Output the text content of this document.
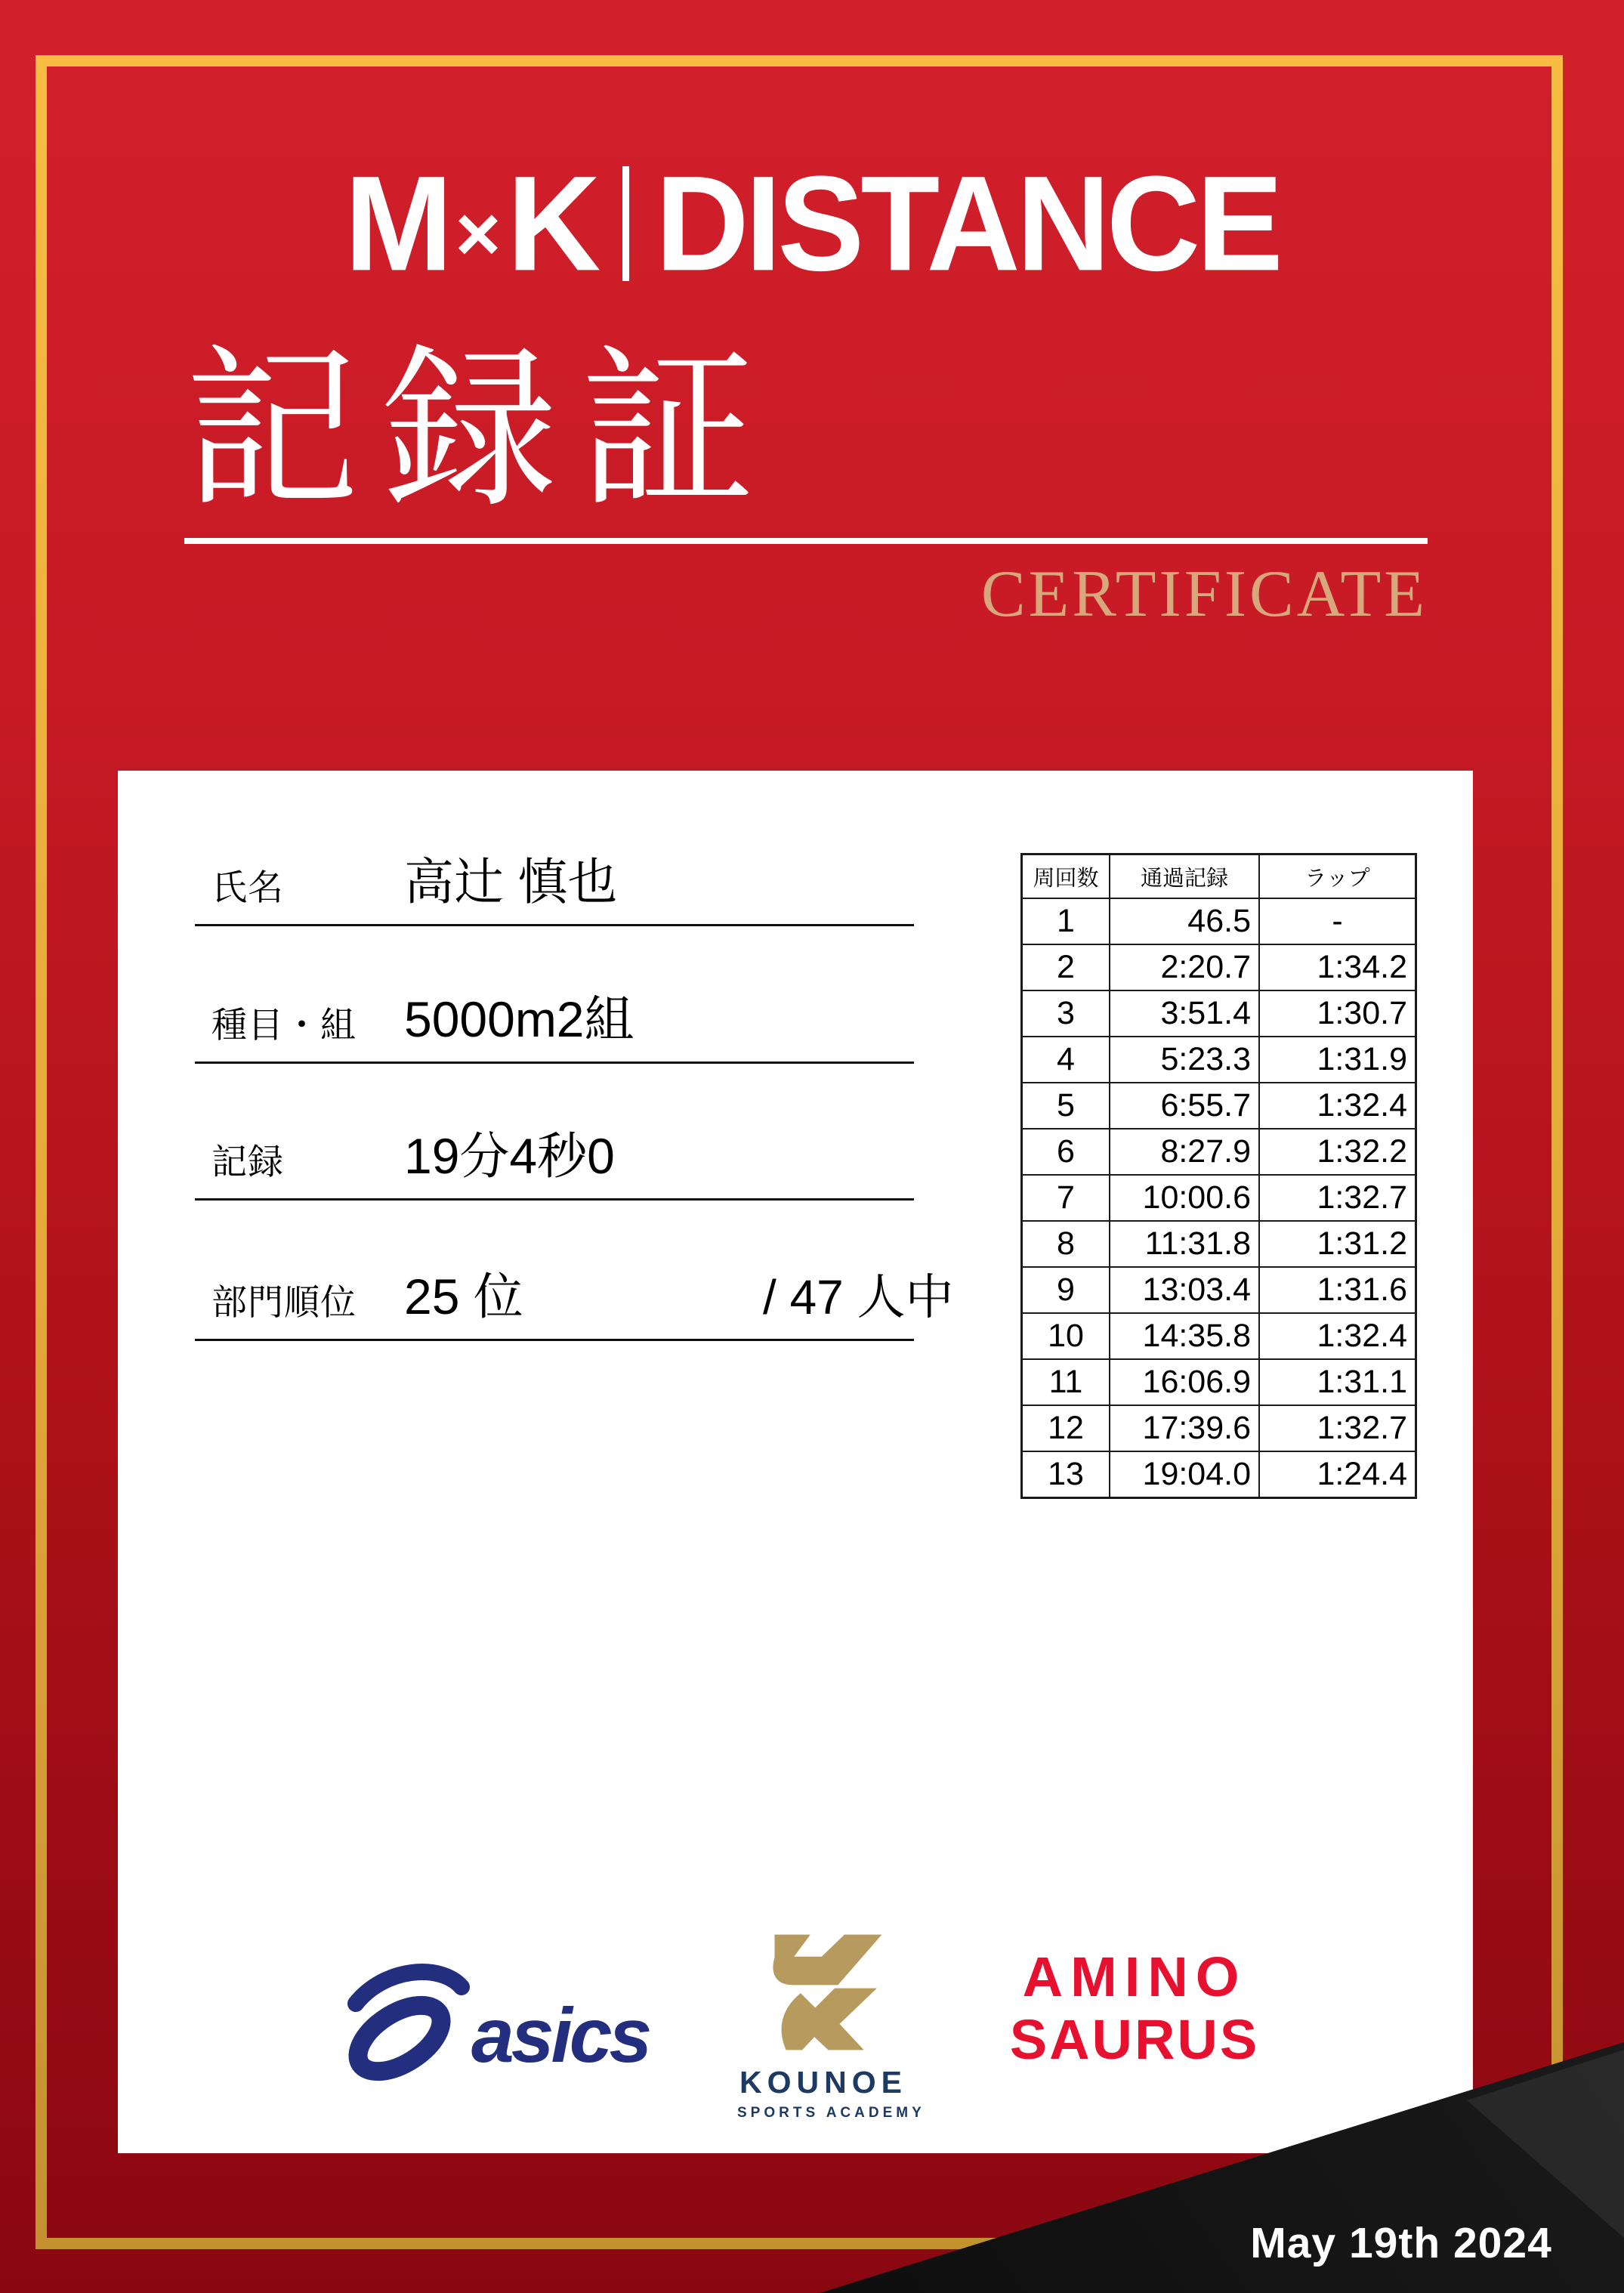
M × K DISTANCE
記録証
CERTIFICATE
氏名 高辻 慎也
種目・組 5000m2組
記録 19分4秒0
部門順位 25 位	/ 47 人中
周回数	通過記録	ラップ
1	46.5	-
2	2:20.7	1:34.2
3	3:51.4	1:30.7
4	5:23.3	1:31.9
5	6:55.7	1:32.4
6	8:27.9	1:32.2
7	10:00.6	1:32.7
8	11:31.8	1:31.2
9	13:03.4	1:31.6
10	14:35.8	1:32.4
11	16:06.9	1:31.1
12	17:39.6	1:32.7
13	19:04.0	1:24.4
asics
KOUNOE
SPORTS ACADEMY
AMINO
SAURUS
May 19th 2024
